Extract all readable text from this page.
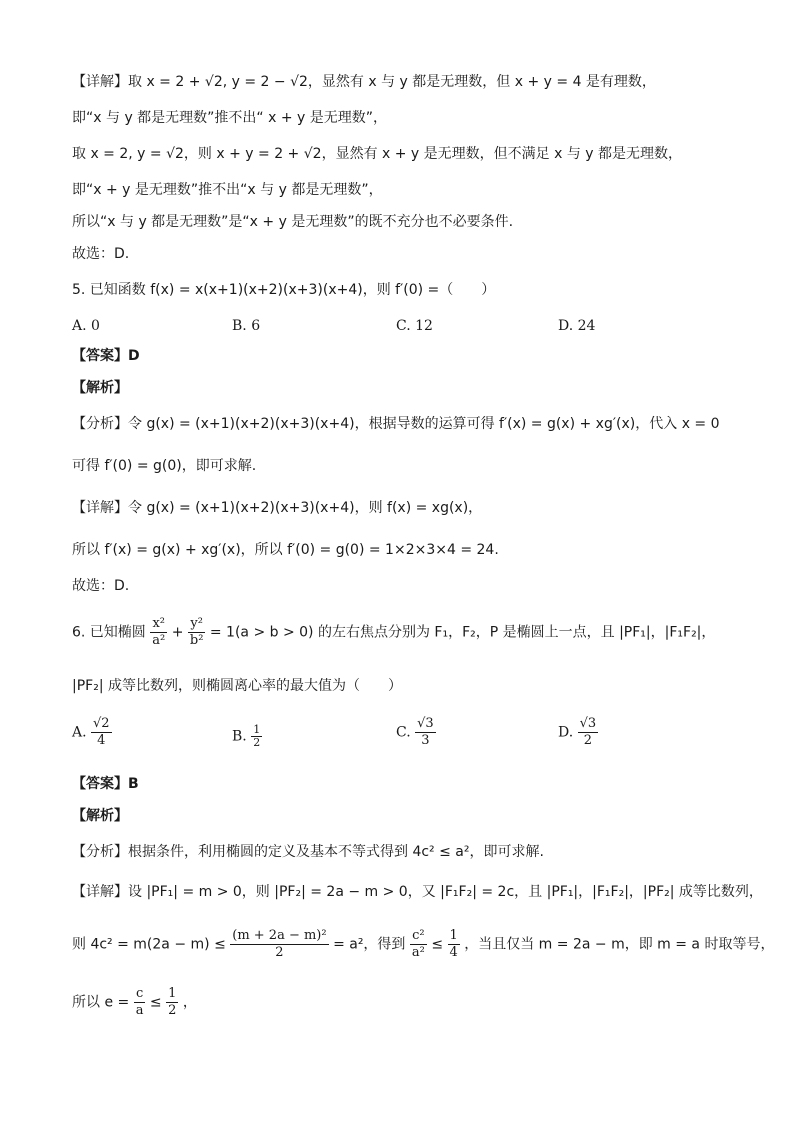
【详解】取 x = 2 + √2, y = 2 − √2，显然有 x 与 y 都是无理数，但 x + y = 4 是有理数，
即“x 与 y 都是无理数”推不出“ x + y 是无理数”，
取 x = 2, y = √2，则 x + y = 2 + √2，显然有 x + y 是无理数，但不满足 x 与 y 都是无理数，
即“x + y 是无理数”推不出“x 与 y 都是无理数”，
所以“x 与 y 都是无理数”是“x + y 是无理数”的既不充分也不必要条件.
故选：D.
5. 已知函数 f(x) = x(x+1)(x+2)(x+3)(x+4)，则 f′(0) =（　　）
A. 0	B. 6	C. 12	D. 24
【答案】D
【解析】
【分析】令 g(x) = (x+1)(x+2)(x+3)(x+4)，根据导数的运算可得 f′(x) = g(x) + xg′(x)，代入 x = 0
可得 f′(0) = g(0)，即可求解.
【详解】令 g(x) = (x+1)(x+2)(x+3)(x+4)，则 f(x) = xg(x)，
所以 f′(x) = g(x) + xg′(x)，所以 f′(0) = g(0) = 1×2×3×4 = 24.
故选：D.
6. 已知椭圆 $\frac{\text{x²}}{\text{a²}} + \frac{\text{y²}}{\text{b²}} = 1(a > b > 0)$ 的左右焦点分别为 F₁，F₂，P 是椭圆上一点，且 |PF₁|，|F₁F₂|，
|PF₂| 成等比数列，则椭圆离心率的最大值为（　　）
A. $\frac{√2}{4}$	B. $\frac{1}{2}$	C. $\frac{√3}{3}$	D. $\frac{√3}{2}$
【答案】B
【解析】
【分析】根据条件，利用椭圆的定义及基本不等式得到 4c² ≤ a²，即可求解.
【详解】设 |PF₁| = m > 0，则 |PF₂| = 2a − m > 0，又 |F₁F₂| = 2c，且 |PF₁|，|F₁F₂|，|PF₂| 成等比数列，
则 $4c^2 = m(2a - m) \le \frac{\text{(m + 2a − m)²}}{2} = a^2$，得到 $\frac{\text{c²}}{\text{a²}} \le \frac{1}{4}$ ，当且仅当 m = 2a − m，即 m = a 时取等号，
所以 $e = \frac{c}{a} \le \frac{1}{2}$ ，
